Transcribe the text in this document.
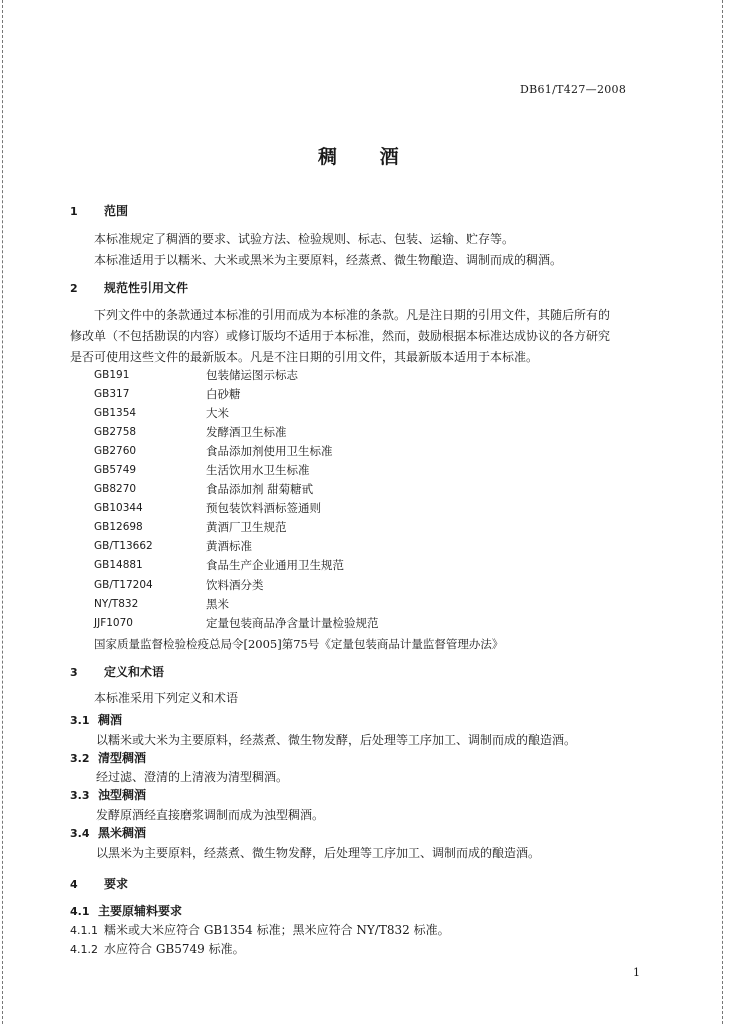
DB61/T427—2008
稠 酒
1 范围
本标准规定了稠酒的要求、试验方法、检验规则、标志、包装、运输、贮存等。
本标准适用于以糯米、大米或黑米为主要原料，经蒸煮、微生物酿造、调制而成的稠酒。
2 规范性引用文件
下列文件中的条款通过本标准的引用而成为本标准的条款。凡是注日期的引用文件，其随后所有的
修改单（不包括勘误的内容）或修订版均不适用于本标准，然而，鼓励根据本标准达成协议的各方研究
是否可使用这些文件的最新版本。凡是不注日期的引用文件，其最新版本适用于本标准。
GB191	包装储运图示标志
GB317	白砂糖
GB1354	大米
GB2758	发酵酒卫生标准
GB2760	食品添加剂使用卫生标准
GB5749	生活饮用水卫生标准
GB8270	食品添加剂 甜菊糖甙
GB10344	预包装饮料酒标签通则
GB12698	黄酒厂卫生规范
GB/T13662	黄酒标准
GB14881	食品生产企业通用卫生规范
GB/T17204	饮料酒分类
NY/T832	黑米
JJF1070	定量包装商品净含量计量检验规范
国家质量监督检验检疫总局令[2005]第75号《定量包装商品计量监督管理办法》
3 定义和术语
本标准采用下列定义和术语
3.1 稠酒
以糯米或大米为主要原料，经蒸煮、微生物发酵，后处理等工序加工、调制而成的酿造酒。
3.2 清型稠酒
经过滤、澄清的上清液为清型稠酒。
3.3 浊型稠酒
发酵原酒经直接磨浆调制而成为浊型稠酒。
3.4 黑米稠酒
以黑米为主要原料，经蒸煮、微生物发酵，后处理等工序加工、调制而成的酿造酒。
4 要求
4.1 主要原辅料要求
4.1.1 糯米或大米应符合 GB1354 标准；黑米应符合 NY/T832 标准。
4.1.2 水应符合 GB5749 标准。
1
